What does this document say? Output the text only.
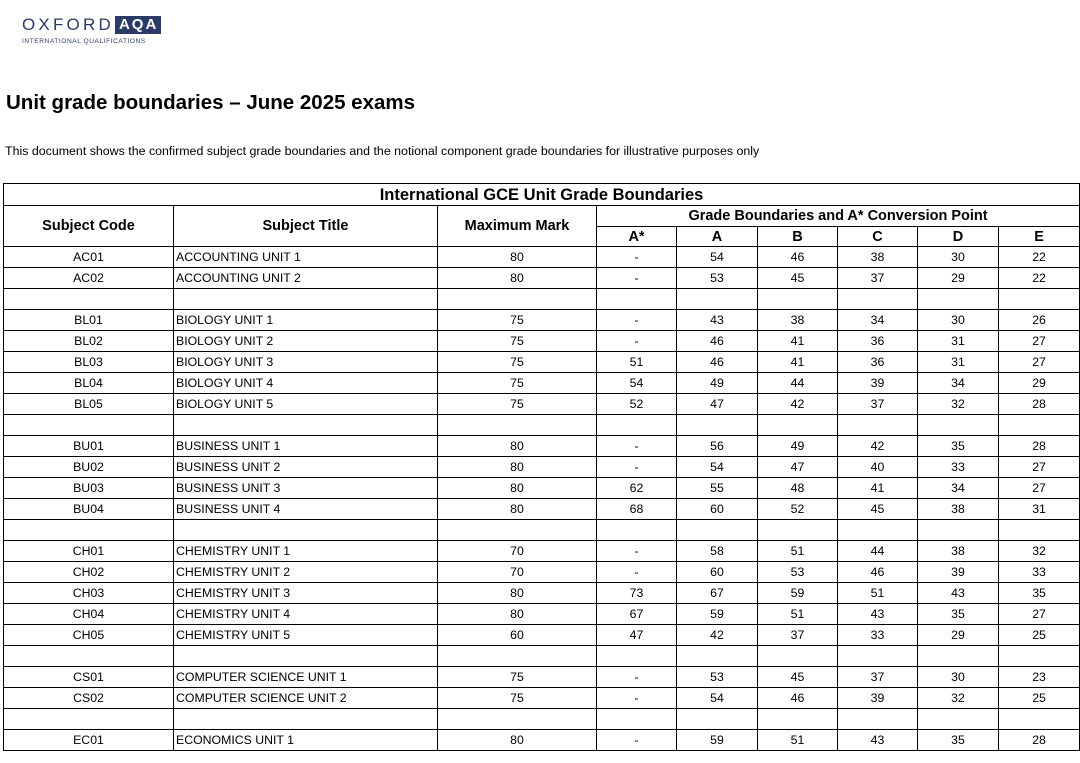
OXFORD AQA
INTERNATIONAL QUALIFICATIONS
Unit grade boundaries – June 2025 exams

This document shows the confirmed subject grade boundaries and the notional component grade boundaries for illustrative purposes only

International GCE Unit Grade Boundaries								
Subject Code	Subject Title	Maximum Mark	Grade Boundaries and A* Conversion Point					
			A*	A	B	C	D	E
AC01	ACCOUNTING UNIT 1	80	-	54	46	38	30	22
AC02	ACCOUNTING UNIT 2	80	-	53	45	37	29	22

BL01	BIOLOGY UNIT 1	75	-	43	38	34	30	26
BL02	BIOLOGY UNIT 2	75	-	46	41	36	31	27
BL03	BIOLOGY UNIT 3	75	51	46	41	36	31	27
BL04	BIOLOGY UNIT 4	75	54	49	44	39	34	29
BL05	BIOLOGY UNIT 5	75	52	47	42	37	32	28

BU01	BUSINESS UNIT 1	80	-	56	49	42	35	28
BU02	BUSINESS UNIT 2	80	-	54	47	40	33	27
BU03	BUSINESS UNIT 3	80	62	55	48	41	34	27
BU04	BUSINESS UNIT 4	80	68	60	52	45	38	31

CH01	CHEMISTRY UNIT 1	70	-	58	51	44	38	32
CH02	CHEMISTRY UNIT 2	70	-	60	53	46	39	33
CH03	CHEMISTRY UNIT 3	80	73	67	59	51	43	35
CH04	CHEMISTRY UNIT 4	80	67	59	51	43	35	27
CH05	CHEMISTRY UNIT 5	60	47	42	37	33	29	25

CS01	COMPUTER SCIENCE UNIT 1	75	-	53	45	37	30	23
CS02	COMPUTER SCIENCE UNIT 2	75	-	54	46	39	32	25

EC01	ECONOMICS UNIT 1	80	-	59	51	43	35	28
